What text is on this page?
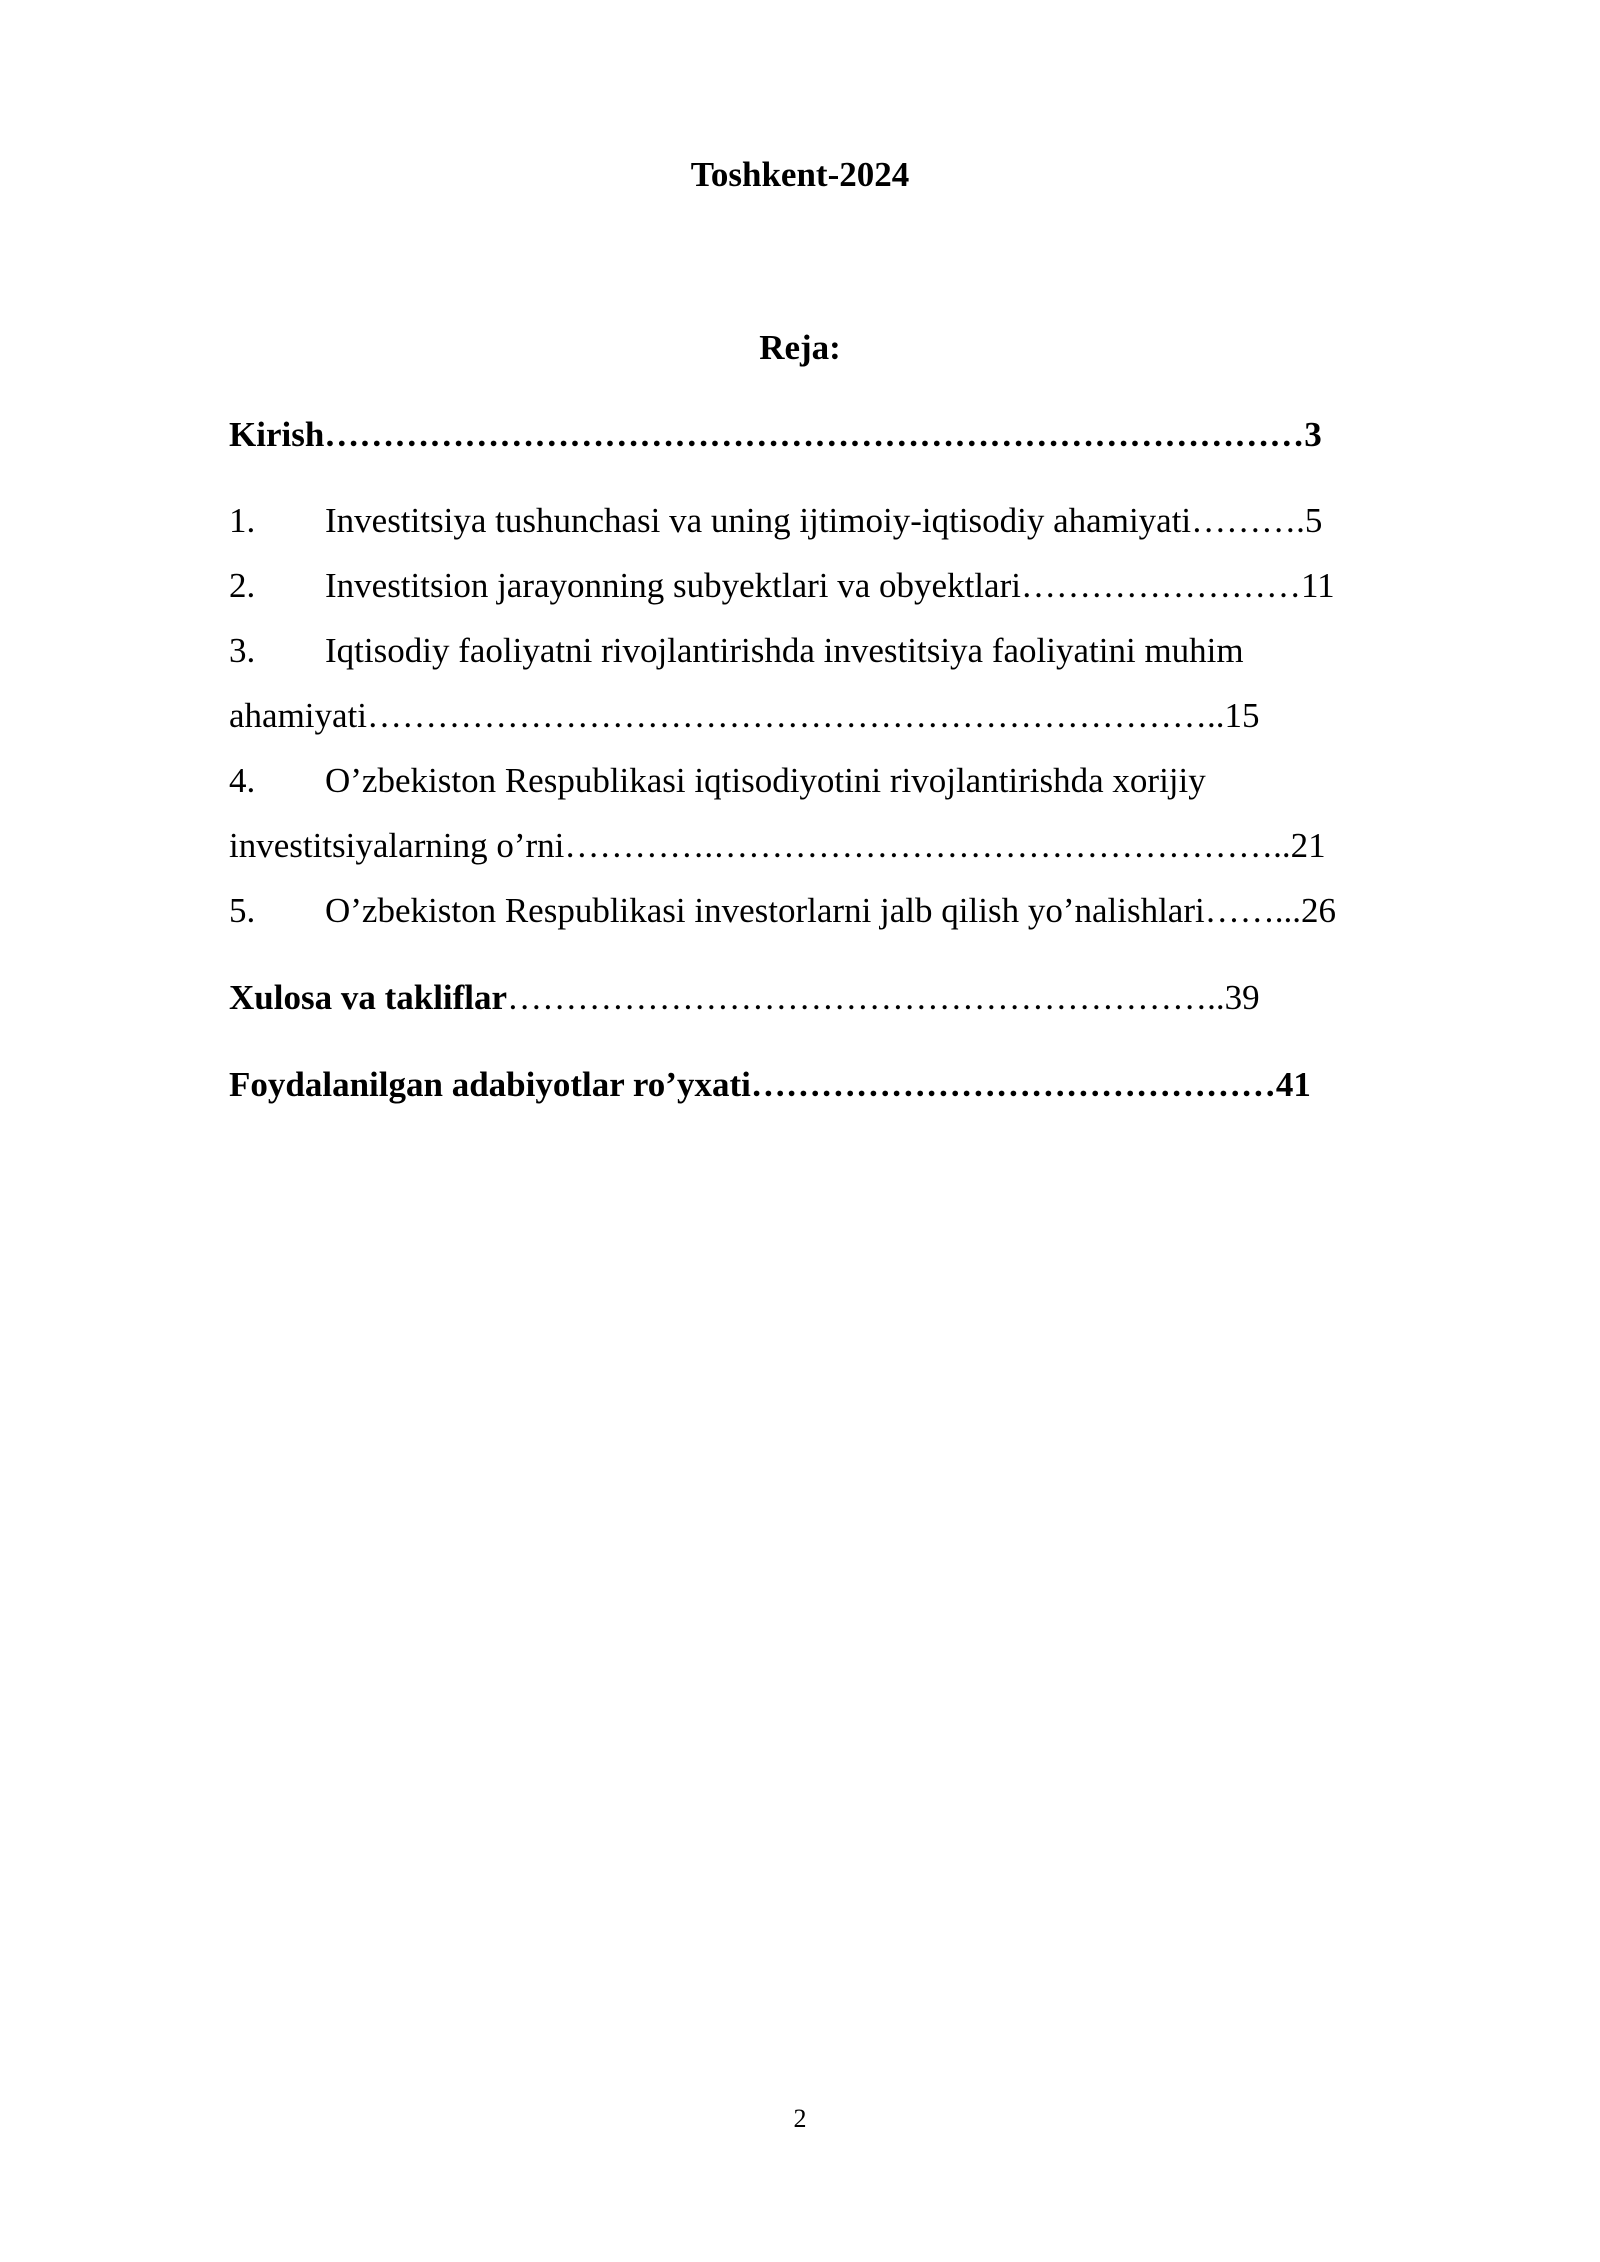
Toshkent-2024
Reja:
Kirish…………………………………………………………………………3
1. Investitsiya tushunchasi va uning ijtimoiy-iqtisodiy ahamiyati……….5
2. Investitsion jarayonning subyektlari va obyektlari……………………11
3. Iqtisodiy faoliyatni rivojlantirishda investitsiya faoliyatini muhim
ahamiyati………………………………………………………………..15
4. O’zbekiston Respublikasi iqtisodiyotini rivojlantirishda xorijiy
investitsiyalarning o’rni………….…………………………………………..21
5. O’zbekiston Respublikasi investorlarni jalb qilish yo’nalishlari……...26
Xulosa va takliflar……………………………………………………..39
Foydalanilgan adabiyotlar ro’yxati………………………………………41
2
